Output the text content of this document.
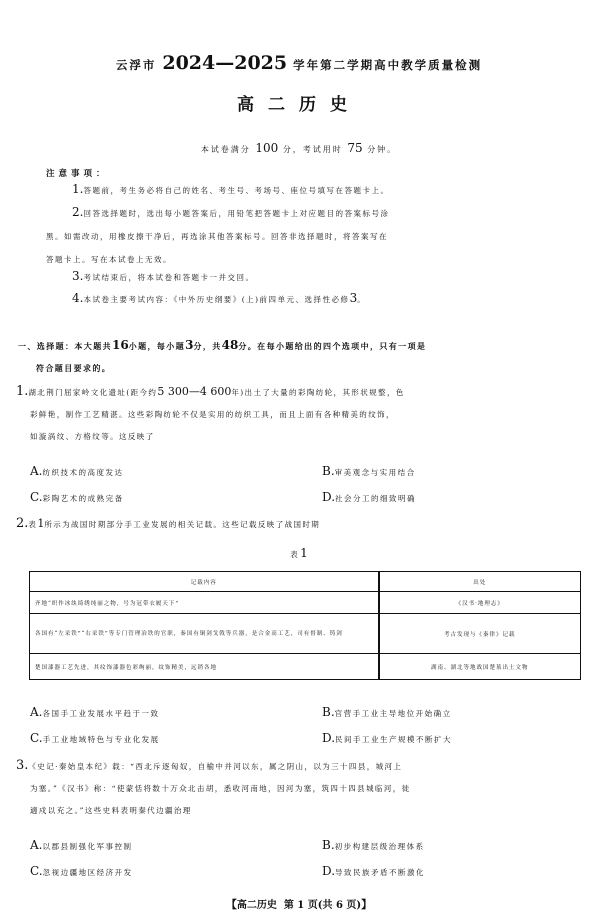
云浮市 2024—2025 学年第二学期高中教学质量检测
高二历史
本试卷满分 100 分，考试用时 75 分钟。
注意事项：
1.答题前，考生务必将自己的姓名、考生号、考场号、座位号填写在答题卡上。
2.回答选择题时，选出每小题答案后，用铅笔把答题卡上对应题目的答案标号涂
黑。如需改动，用橡皮擦干净后，再选涂其他答案标号。回答非选择题时，将答案写在
答题卡上。写在本试卷上无效。
3.考试结束后，将本试卷和答题卡一并交回。
4.本试卷主要考试内容：《中外历史纲要》(上)前四单元、选择性必修3。
一、选择题：本大题共16小题，每小题3分，共48分。在每小题给出的四个选项中，只有一项是
符合题目要求的。
1.湖北荆门屈家岭文化遗址(距今约5 300—4 600年)出土了大量的彩陶纺轮，其形状规整，色
彩鲜艳，制作工艺精湛。这些彩陶纺轮不仅是实用的纺织工具，而且上面有各种精美的纹饰，
如漩涡纹、方格纹等。这反映了
A.纺织技术的高度发达	B.审美观念与实用结合
C.彩陶艺术的成熟完备	D.社会分工的细致明确
2.表1所示为战国时期部分手工业发展的相关记载。这些记载反映了战国时期
表 1
记载内容	出处
齐地“织作冰纨绮绣纯丽之物，号为冠带衣履天下”	《汉书·地理志》
各国有“左采铁”“右采铁”等专门管理冶铁的官职，秦国有铜剑戈戟等兵器，是合金高工艺，司有督制、铸剑	考古发现与《秦律》记载
楚国漆器工艺先进，其纹饰漆器色彩绚丽，纹饰精美，远销各地	湖南、湖北等地战国楚墓出土文物
A.各国手工业发展水平趋于一致	B.官营手工业主导地位开始确立
C.手工业地域特色与专业化发展	D.民间手工业生产规模不断扩大
3.《史记·秦始皇本纪》载：“西北斥逐匈奴，自榆中并河以东，属之阴山，以为三十四县，城河上
为塞。”《汉书》称：“使蒙恬将数十万众北击胡，悉收河南地，因河为塞，筑四十四县城临河，徙
適戍以充之。”这些史料表明秦代边疆治理
A.以郡县制强化军事控制	B.初步构建层级治理体系
C.忽视边疆地区经济开发	D.导致民族矛盾不断激化
【高二历史 第 1 页(共 6 页)】
